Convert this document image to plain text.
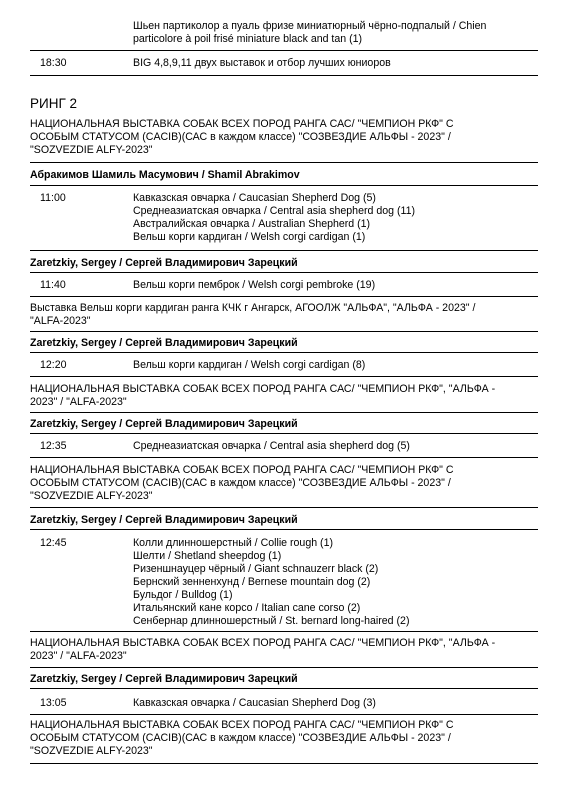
Шьен партиколор а пуаль фризе миниатюрный чёрно-подпалый / Chien
particolore à poil frisé miniature black and tan (1)
18:30	BIG 4,8,9,11 двух выставок и отбор лучших юниоров
РИНГ 2
НАЦИОНАЛЬНАЯ ВЫСТАВКА СОБАК ВСЕХ ПОРОД РАНГА САС/ "ЧЕМПИОН РКФ" С
ОСОБЫМ СТАТУСОМ (CACIB)(САС в каждом классе) "СОЗВЕЗДИЕ АЛЬФЫ - 2023" /
"SOZVEZDIE ALFY-2023"
Абракимов Шамиль Масумович / Shamil Abrakimov
11:00	Кавказская овчарка / Caucasian Shepherd Dog (5)
Среднеазиатская овчарка / Central asia shepherd dog (11)
Австралийская овчарка / Australian Shepherd (1)
Вельш корги кардиган / Welsh corgi cardigan (1)
Zaretzkiy, Sergey / Сергей Владимирович Зарецкий
11:40	Вельш корги пемброк / Welsh corgi pembroke (19)
Выставка Вельш корги кардиган ранга КЧК г Ангарск, АГООЛЖ "АЛЬФА", "АЛЬФА - 2023" /
"ALFA-2023"
Zaretzkiy, Sergey / Сергей Владимирович Зарецкий
12:20	Вельш корги кардиган / Welsh corgi cardigan (8)
НАЦИОНАЛЬНАЯ ВЫСТАВКА СОБАК ВСЕХ ПОРОД РАНГА САС/ "ЧЕМПИОН РКФ", "АЛЬФА -
2023" / "ALFA-2023"
Zaretzkiy, Sergey / Сергей Владимирович Зарецкий
12:35	Среднеазиатская овчарка / Central asia shepherd dog (5)
НАЦИОНАЛЬНАЯ ВЫСТАВКА СОБАК ВСЕХ ПОРОД РАНГА САС/ "ЧЕМПИОН РКФ" С
ОСОБЫМ СТАТУСОМ (CACIB)(САС в каждом классе) "СОЗВЕЗДИЕ АЛЬФЫ - 2023" /
"SOZVEZDIE ALFY-2023"
Zaretzkiy, Sergey / Сергей Владимирович Зарецкий
12:45	Колли длинношерстный / Collie rough (1)
Шелти / Shetland sheepdog (1)
Ризеншнауцер чёрный / Giant schnauzerr black (2)
Бернский зенненхунд / Bernese mountain dog (2)
Бульдог / Bulldog (1)
Итальянский кане корсо / Italian cane corso (2)
Сенбернар длинношерстный / St. bernard long-haired (2)
НАЦИОНАЛЬНАЯ ВЫСТАВКА СОБАК ВСЕХ ПОРОД РАНГА САС/ "ЧЕМПИОН РКФ", "АЛЬФА -
2023" / "ALFA-2023"
Zaretzkiy, Sergey / Сергей Владимирович Зарецкий
13:05	Кавказская овчарка / Caucasian Shepherd Dog (3)
НАЦИОНАЛЬНАЯ ВЫСТАВКА СОБАК ВСЕХ ПОРОД РАНГА САС/ "ЧЕМПИОН РКФ" С
ОСОБЫМ СТАТУСОМ (CACIB)(САС в каждом классе) "СОЗВЕЗДИЕ АЛЬФЫ - 2023" /
"SOZVEZDIE ALFY-2023"
